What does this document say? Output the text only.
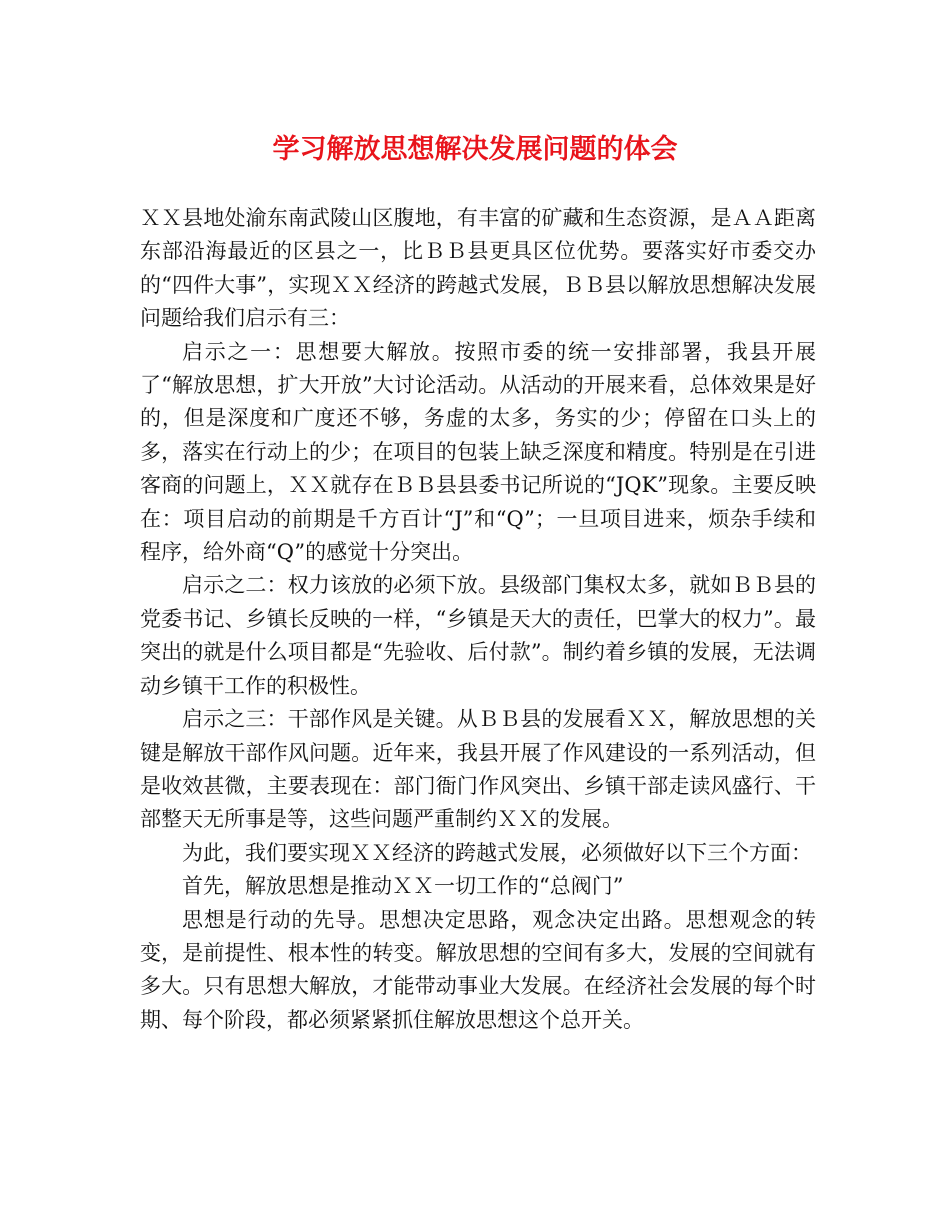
学习解放思想解决发展问题的体会

ＸＸ县地处渝东南武陵山区腹地，有丰富的矿藏和生态资源，是ＡＡ距离东部沿海最近的区县之一，比ＢＢ县更具区位优势。要落实好市委交办的“四件大事”，实现ＸＸ经济的跨越式发展，ＢＢ县以解放思想解决发展问题给我们启示有三：

启示之一：思想要大解放。按照市委的统一安排部署，我县开展了“解放思想，扩大开放”大讨论活动。从活动的开展来看，总体效果是好的，但是深度和广度还不够，务虚的太多，务实的少；停留在口头上的多，落实在行动上的少；在项目的包装上缺乏深度和精度。特别是在引进客商的问题上，ＸＸ就存在ＢＢ县县委书记所说的“JQK”现象。主要反映在：项目启动的前期是千方百计“J”和“Q”；一旦项目进来，烦杂手续和程序，给外商“Q”的感觉十分突出。

启示之二：权力该放的必须下放。县级部门集权太多，就如ＢＢ县的党委书记、乡镇长反映的一样，“乡镇是天大的责任，巴掌大的权力”。最突出的就是什么项目都是“先验收、后付款”。制约着乡镇的发展，无法调动乡镇干工作的积极性。

启示之三：干部作风是关键。从ＢＢ县的发展看ＸＸ，解放思想的关键是解放干部作风问题。近年来，我县开展了作风建设的一系列活动，但是收效甚微，主要表现在：部门衙门作风突出、乡镇干部走读风盛行、干部整天无所事是等，这些问题严重制约ＸＸ的发展。

为此，我们要实现ＸＸ经济的跨越式发展，必须做好以下三个方面：

首先，解放思想是推动ＸＸ一切工作的“总阀门”

思想是行动的先导。思想决定思路，观念决定出路。思想观念的转变，是前提性、根本性的转变。解放思想的空间有多大，发展的空间就有多大。只有思想大解放，才能带动事业大发展。在经济社会发展的每个时期、每个阶段，都必须紧紧抓住解放思想这个总开关。
